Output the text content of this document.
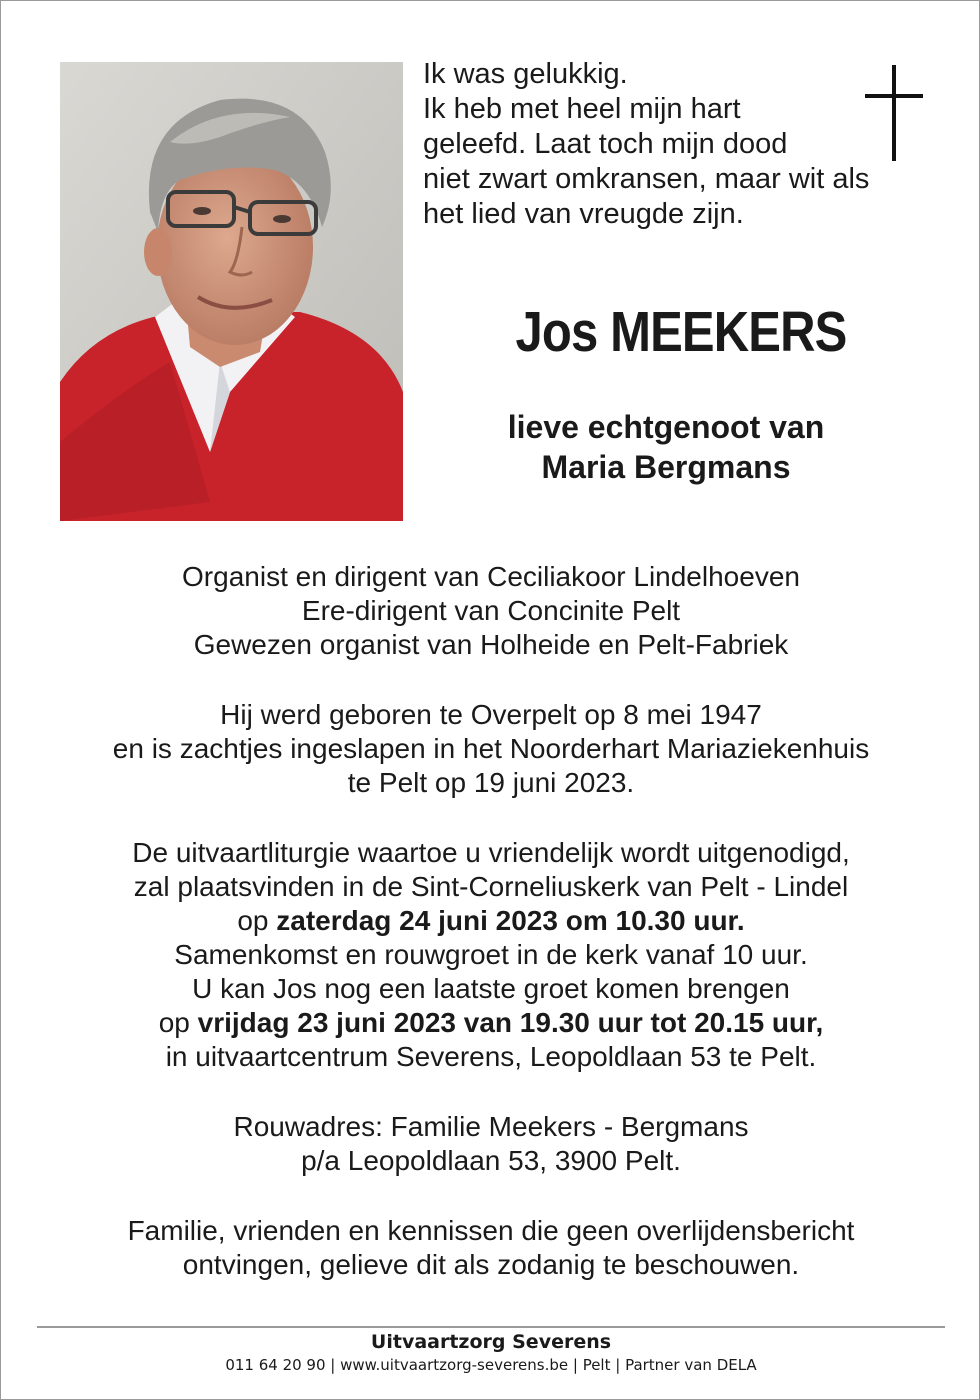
Ik was gelukkig.
Ik heb met heel mijn hart
geleefd. Laat toch mijn dood
niet zwart omkransen, maar wit als
het lied van vreugde zijn.
Jos MEEKERS
lieve echtgenoot van
Maria Bergmans

Organist en dirigent van Ceciliakoor Lindelhoeven

Ere-dirigent van Concinite Pelt

Gewezen organist van Holheide en Pelt-Fabriek

Hij werd geboren te Overpelt op 8 mei 1947

en is zachtjes ingeslapen in het Noorderhart Mariaziekenhuis

te Pelt op 19 juni 2023.

De uitvaartliturgie waartoe u vriendelijk wordt uitgenodigd,

zal plaatsvinden in de Sint-Corneliuskerk van Pelt - Lindel

op zaterdag 24 juni 2023 om 10.30 uur.

Samenkomst en rouwgroet in de kerk vanaf 10 uur.

U kan Jos nog een laatste groet komen brengen

op vrijdag 23 juni 2023 van 19.30 uur tot 20.15 uur,

in uitvaartcentrum Severens, Leopoldlaan 53 te Pelt.

Rouwadres: Familie Meekers - Bergmans

p/a Leopoldlaan 53, 3900 Pelt.

Familie, vrienden en kennissen die geen overlijdensbericht

ontvingen, gelieve dit als zodanig te beschouwen.

Uitvaartzorg Severens
011 64 20 90 | www.uitvaartzorg-severens.be | Pelt | Partner van DELA
